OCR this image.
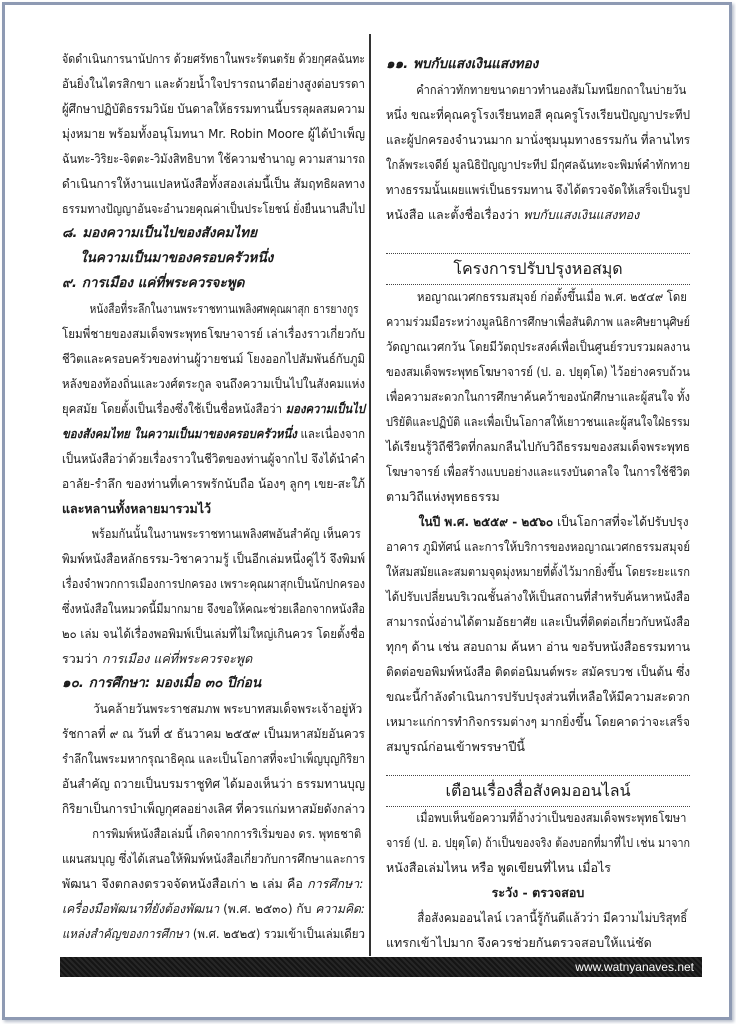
จัดดำเนินการนานัปการ ด้วยศรัทธาในพระรัตนตรัย ด้วยกุศลฉันทะ
อันยิ่งในไตรสิกขา และด้วยน้ำใจปรารถนาดีอย่างสูงต่อบรรดา
ผู้ศึกษาปฏิบัติธรรมวินัย บันดาลให้ธรรมทานนี้บรรลุผลสมความ
มุ่งหมาย พร้อมทั้งอนุโมทนา Mr. Robin Moore ผู้ได้บำเพ็ญ
ฉันทะ-วิริยะ-จิตตะ-วิมังสิทธิบาท ใช้ความชำนาญ ความสามารถ
ดำเนินการให้งานแปลหนังสือทั้งสองเล่มนี้เป็น สัมฤทธิผลทาง
ธรรมทางปัญญาอันจะอำนวยคุณค่าเป็นประโยชน์ ยั่งยืนนานสืบไป
๘. มองความเป็นไปของสังคมไทย
ในความเป็นมาของครอบครัวหนึ่ง
๙. การเมือง แค่ที่พระควรจะพูด
หนังสือที่ระลึกในงานพระราชทานเพลิงศพคุณผาสุก ธารยางกูร
โยมพี่ชายของสมเด็จพระพุทธโฆษาจารย์ เล่าเรื่องราวเกี่ยวกับ
ชีวิตและครอบครัวของท่านผู้วายชนม์ โยงออกไปสัมพันธ์กับภูมิ
หลังของท้องถิ่นและวงศ์ตระกูล จนถึงความเป็นไปในสังคมแห่ง
ยุคสมัย โดยตั้งเป็นเรื่องซึ่งใช้เป็นชื่อหนังสือว่า มองความเป็นไป
ของสังคมไทย ในความเป็นมาของครอบครัวหนึ่ง และเนื่องจาก
เป็นหนังสือว่าด้วยเรื่องราวในชีวิตของท่านผู้จากไป จึงได้นำคำ
อาลัย-รำลึก ของท่านที่เคารพรักนับถือ น้องๆ ลูกๆ เขย-สะใภ้
และหลานทั้งหลายมารวมไว้
พร้อมกันนั้นในงานพระราชทานเพลิงศพอันสำคัญ เห็นควร
พิมพ์หนังสือหลักธรรม-วิชาความรู้ เป็นอีกเล่มหนึ่งคู่ไว้ จึงพิมพ์
เรื่องจำพวกการเมืองการปกครอง เพราะคุณผาสุกเป็นนักปกครอง
ซึ่งหนังสือในหมวดนี้มีมากมาย จึงขอให้คณะช่วยเลือกจากหนังสือ
๒๐ เล่ม จนได้เรื่องพอพิมพ์เป็นเล่มที่ไม่ใหญ่เกินควร โดยตั้งชื่อ
รวมว่า การเมือง แค่ที่พระควรจะพูด
๑๐. การศึกษา: มองเมื่อ ๓๐ ปีก่อน
วันคล้ายวันพระราชสมภพ พระบาทสมเด็จพระเจ้าอยู่หัว
รัชกาลที่ ๙ ณ วันที่ ๕ ธันวาคม ๒๕๕๙ เป็นมหาสมัยอันควร
รำลึกในพระมหากรุณาธิคุณ และเป็นโอกาสที่จะบำเพ็ญบุญกิริยา
อันสำคัญ ถวายเป็นบรมราชูทิศ ได้มองเห็นว่า ธรรมทานบุญ
กิริยาเป็นการบำเพ็ญกุศลอย่างเลิศ ที่ควรแก่มหาสมัยดังกล่าว
การพิมพ์หนังสือเล่มนี้ เกิดจากการริเริ่มของ ดร. พุทธชาติ
แผนสมบุญ ซึ่งได้เสนอให้พิมพ์หนังสือเกี่ยวกับการศึกษาและการ
พัฒนา จึงตกลงตรวจจัดหนังสือเก่า ๒ เล่ม คือ การศึกษา:
เครื่องมือพัฒนาที่ยังต้องพัฒนา (พ.ศ. ๒๕๓๐) กับ ความคิด:
แหล่งสำคัญของการศึกษา (พ.ศ. ๒๕๒๕) รวมเข้าเป็นเล่มเดียว
๑๑. พบกับแสงเงินแสงทอง
คำกล่าวทักทายขนาดยาวทำนองสัมโมทนียกถาในบ่ายวัน
หนึ่ง ขณะที่คุณครูโรงเรียนทอสี คุณครูโรงเรียนปัญญาประทีป
และผู้ปกครองจำนวนมาก มานั่งชุมนุมทางธรรมกัน ที่ลานไทร
ใกล้พระเจดีย์ มูลนิธิปัญญาประทีป มีกุศลฉันทะจะพิมพ์คำทักทาย
ทางธรรมนั้นเผยแพร่เป็นธรรมทาน จึงได้ตรวจจัดให้เสร็จเป็นรูป
หนังสือ และตั้งชื่อเรื่องว่า พบกับแสงเงินแสงทอง
โครงการปรับปรุงหอสมุด
หอญาณเวศกธรรมสมุจย์ ก่อตั้งขึ้นเมื่อ พ.ศ. ๒๕๔๙ โดย
ความร่วมมือระหว่างมูลนิธิการศึกษาเพื่อสันติภาพ และศิษยานุศิษย์
วัดญาณเวศกวัน โดยมีวัตถุประสงค์เพื่อเป็นศูนย์รวบรวมผลงาน
ของสมเด็จพระพุทธโฆษาจารย์ (ป. อ. ปยุตฺโต) ไว้อย่างครบถ้วน
เพื่อความสะดวกในการศึกษาค้นคว้าของนักศึกษาและผู้สนใจ ทั้ง
ปริยัติและปฏิบัติ และเพื่อเป็นโอกาสให้เยาวชนและผู้สนใจใฝ่ธรรม
ได้เรียนรู้วิถีชีวิตที่กลมกลืนไปกับวิถีธรรมของสมเด็จพระพุทธ
โฆษาจารย์ เพื่อสร้างแบบอย่างและแรงบันดาลใจ ในการใช้ชีวิต
ตามวิถีแห่งพุทธธรรม
ในปี พ.ศ. ๒๕๕๙ - ๒๕๖๐ เป็นโอกาสที่จะได้ปรับปรุง
อาคาร ภูมิทัศน์ และการให้บริการของหอญาณเวศกธรรมสมุจย์
ให้สมสมัยและสมตามจุดมุ่งหมายที่ตั้งไว้มากยิ่งขึ้น โดยระยะแรก
ได้ปรับเปลี่ยนบริเวณชั้นล่างให้เป็นสถานที่สำหรับค้นหาหนังสือ
สามารถนั่งอ่านได้ตามอัธยาศัย และเป็นที่ติดต่อเกี่ยวกับหนังสือ
ทุกๆ ด้าน เช่น สอบถาม ค้นหา อ่าน ขอรับหนังสือธรรมทาน
ติดต่อขอพิมพ์หนังสือ ติดต่อนิมนต์พระ สมัครบวช เป็นต้น ซึ่ง
ขณะนี้กำลังดำเนินการปรับปรุงส่วนที่เหลือให้มีความสะดวก
เหมาะแก่การทำกิจกรรมต่างๆ มากยิ่งขึ้น โดยคาดว่าจะเสร็จ
สมบูรณ์ก่อนเข้าพรรษาปีนี้
เตือนเรื่องสื่อสังคมออนไลน์
เมื่อพบเห็นข้อความที่อ้างว่าเป็นของสมเด็จพระพุทธโฆษา
จารย์ (ป. อ. ปยุตฺโต) ถ้าเป็นของจริง ต้องบอกที่มาที่ไป เช่น มาจาก
หนังสือเล่มไหน หรือ พูดเขียนที่ไหน เมื่อไร
ระวัง - ตรวจสอบ
สื่อสังคมออนไลน์ เวลานี้รู้กันดีแล้วว่า มีความไม่บริสุทธิ์
แทรกเข้าไปมาก จึงควรช่วยกันตรวจสอบให้แน่ชัด
www.watnyanaves.net
